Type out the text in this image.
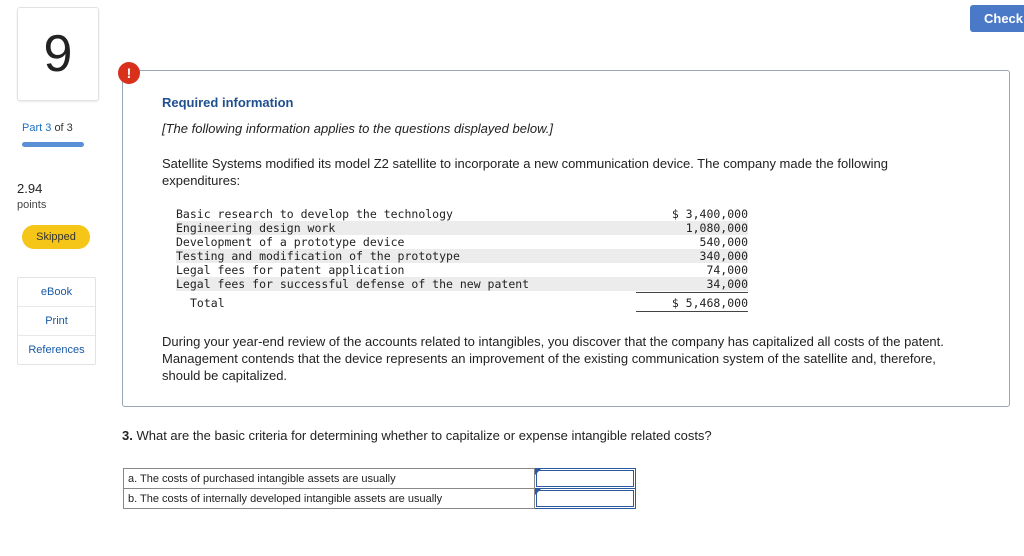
9
Part 3 of 3
2.94
points
Skipped
eBook
Print
References
Check
!
Required information
[The following information applies to the questions displayed below.]
Satellite Systems modified its model Z2 satellite to incorporate a new communication device. The company made the following expenditures:
Basic research to develop the technology	$ 3,400,000
Engineering design work	1,080,000
Development of a prototype device	540,000
Testing and modification of the prototype	340,000
Legal fees for patent application	74,000
Legal fees for successful defense of the new patent	34,000
Total	$ 5,468,000
During your year-end review of the accounts related to intangibles, you discover that the company has capitalized all costs of the patent. Management contends that the device represents an improvement of the existing communication system of the satellite and, therefore, should be capitalized.
3. What are the basic criteria for determining whether to capitalize or expense intangible related costs?
a. The costs of purchased intangible assets are usually	

b. The costs of internally developed intangible assets are usually	
